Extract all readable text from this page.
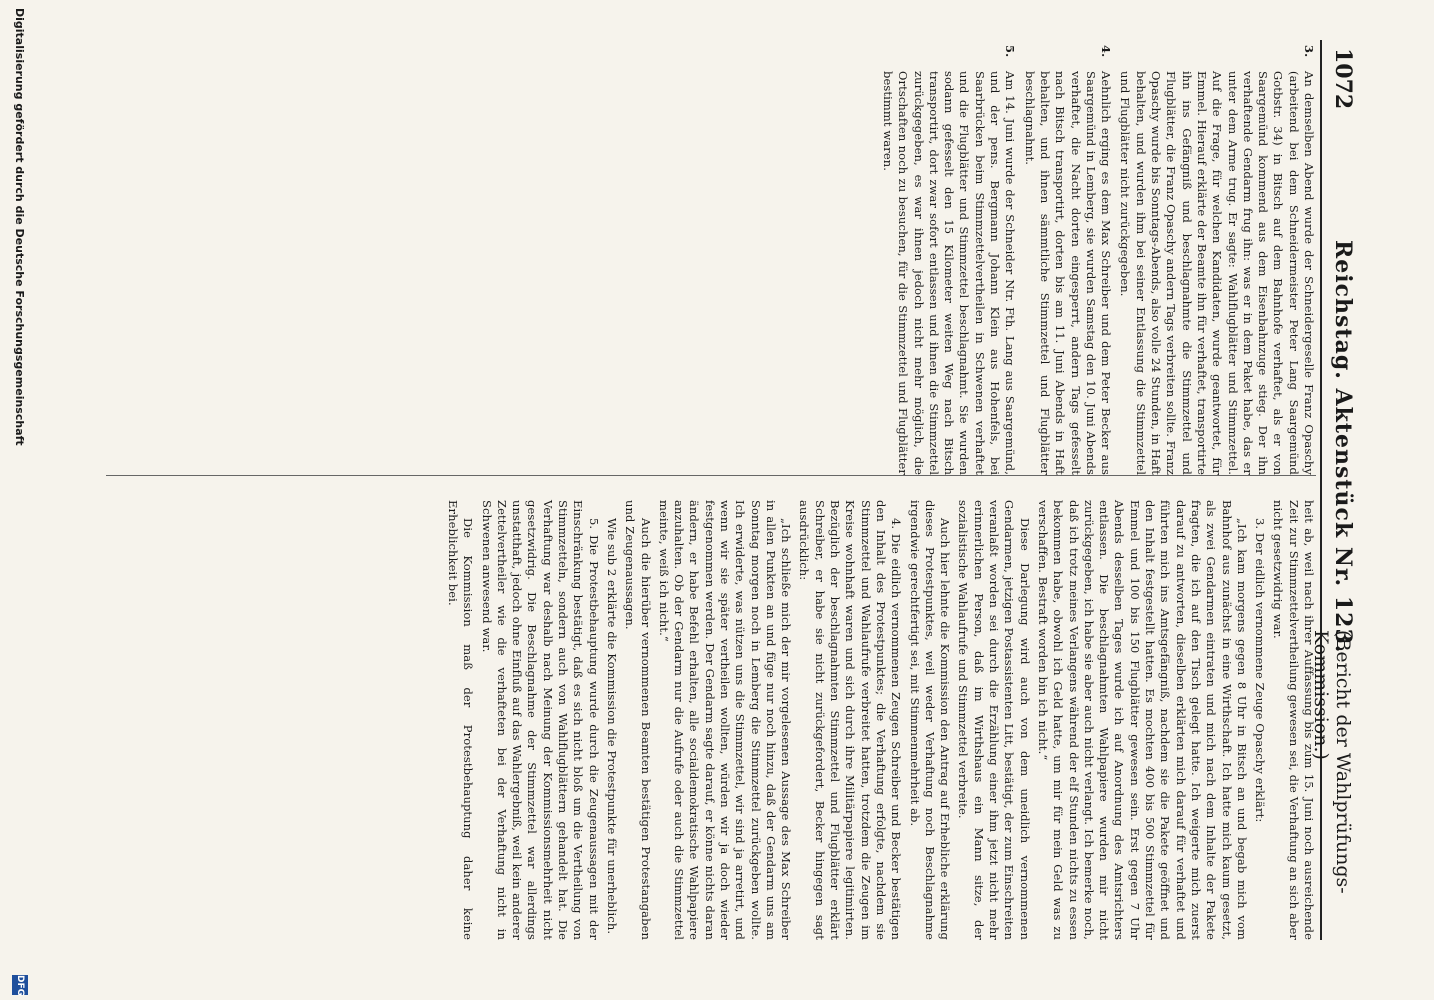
1072
Reichstag. Aktenstück Nr. 123.
(Bericht der Wahlprüfungs-Kommission.)
3.

An demselben Abend wurde der Schneidergeselle Franz Opaschy (arbeitend bei dem Schneidermeister Peter Lang Saargemünd Gotbstr. 34) in Bitsch auf dem Bahnhofe verhaftet, als er von Saargemünd kommend aus dem Eisenbahnzuge stieg. Der ihn verhaftende Gendarm frug ihn: was er in dem Paket habe, das er unter dem Arme trug. Er sagte: Wahlflugblätter und Stimmzettel. Auf die Frage, für welchen Kandidaten, wurde geantwortet, für Emmel. Hierauf erklärte der Beamte ihn für verhaftet, transportirte ihn ins Gefängniß und beschlagnahmte die Stimmzettel und Flugblätter, die Franz Opaschy andern Tags verbreiten sollte. Franz Opaschy wurde bis Sonntags-Abends, also volle 24 Stunden, in Haft behalten, und wurden ihm bei seiner Entlassung die Stimmzettel und Flugblätter nicht zurückgegeben.

4.

Aehnlich erging es dem Max Schreiber und dem Peter Becker aus Saargemünd in Lemberg, sie wurden Samstag den 10. Juni Abends verhaftet, die Nacht dorten eingesperrt, andern Tags gefesselt nach Bitsch transportirt, dorten bis am 11. Juni Abends in Haft behalten, und ihnen sämmtliche Stimmzettel und Flugblätter beschlagnahmt.

5.

Am 14. Juni wurde der Schneider Ntr. Fth. Lang aus Saargemünd, und der pens. Bergmann Johann Klein aus Hohenfels, bei Saarbrücken beim Stimmzettelvertheilen in Schwenen verhaftet und die Flugblätter und Stimmzettel beschlagnahmt. Sie wurden sodann gefesselt den 15 Kilometer weiten Weg nach Bitsch transportirt, dort zwar sofort entlassen und ihnen die Stimmzettel zurückgegeben, es war ihnen jedoch nicht mehr möglich, die Ortschaften noch zu besuchen, für die Stimmzettel und Flugblätter bestimmt waren.

heit ab, weil nach ihrer Auffassung bis zum 15. Juni noch ausreichende Zeit zur Stimmzettelvertheilung gewesen sei, die Verhaftung an sich aber nicht gesetzwidrig war.

3. Der eidlich vernommene Zeuge Opaschy erklärt:

„Ich kam morgens gegen 8 Uhr in Bitsch an und begab mich vom Bahnhof aus zunächst in eine Wirthschaft. Ich hatte mich kaum gesetzt, als zwei Gendarmen eintraten und mich nach dem Inhalte der Pakete fragten, die ich auf den Tisch gelegt hatte. Ich weigerte mich zuerst darauf zu antworten, dieselben erklärten mich darauf für verhaftet und führten mich ins Amtsgefängniß, nachdem sie die Pakete geöffnet und den Inhalt festgestellt hatten. Es mochten 400 bis 500 Stimmzettel für Emmel und 100 bis 150 Flugblätter gewesen sein. Erst gegen 7 Uhr Abends desselben Tages wurde ich auf Anordnung des Amtsrichters entlassen. Die beschlagnahmten Wahlpapiere wurden mir nicht zurückgegeben, ich habe sie aber auch nicht verlangt. Ich bemerke noch, daß ich trotz meines Verlangens während der elf Stunden nichts zu essen bekommen habe, obwohl ich Geld hatte, um mir für mein Geld was zu verschaffen. Bestraft worden bin ich nicht.“

Diese Darlegung wird auch von dem uneidlich vernommenen Gendarmen, jetzigen Postassistenten Litt, bestätigt, der zum Einschreiten veranlaßt worden sei durch die Erzählung einer ihm jetzt nicht mehr erinnerlichen Person, daß im Wirthshaus ein Mann sitze, der sozialistische Wahlaufrufe und Stimmzettel verbreite.

Auch hier lehnte die Kommission den Antrag auf Erhebliche erklärung dieses Protestpunktes, weil weder Verhaftung noch Beschlagnahme irgendwie gerechtfertigt sei, mit Stimmenmehrheit ab.

4. Die eidlich vernommenen Zeugen Schreiber und Becker bestätigen den Inhalt des Protestpunktes; die Verhaftung erfolgte, nachdem sie Stimmzettel und Wahlaufrufe verbreitet hatten, trotzdem die Zeugen im Kreise wohnhaft waren und sich durch ihre Militärpapiere legitimirten. Bezüglich der beschlagnahmten Stimmzettel und Flugblätter erklärt Schreiber, er habe sie nicht zurückgefordert, Becker hingegen sagt ausdrücklich:

„Ich schließe mich der mir vorgelesenen Aussage des Max Schreiber in allen Punkten an und füge nur noch hinzu, daß der Gendarm uns am Sonntag morgen noch in Lemberg die Stimmzettel zurückgeben wollte. Ich erwiderte, was nützen uns die Stimmzettel, wir sind ja arretirt, und wenn wir sie später vertheilen wollten, würden wir ja doch wieder festgenommen werden. Der Gendarm sagte darauf, er könne nichts daran ändern, er habe Befehl erhalten, alle socialdemokratische Wahlpapiere anzuhalten. Ob der Gendarm nur die Aufrufe oder auch die Stimmzettel meinte, weiß ich nicht.“

Auch die hierüber vernommenen Beamten bestätigen Protestangaben und Zeugenaussagen.

Wie sub 2 erklärte die Kommission die Protestpunkte für unerheblich.

5. Die Protestbehauptung wurde durch die Zeugenaussagen mit der Einschränkung bestätigt, daß es sich nicht bloß um die Vertheilung von Stimmzetteln, sondern auch von Wahlflugblättern gehandelt hat. Die Verhaftung war deshalb nach Meinung der Kommissionsmehrheit nicht gesetzwidrig. Die Beschlagnahme der Stimmzettel war allerdings unstatthaft, jedoch ohne Einfluß auf das Wahlergebniß, weil kein anderer Zettelvertheiler wie die verhafteten bei der Verhaftung nicht in Schwenen anwesend war.

Die Kommission maß der Protestbehauptung daher keine Erheblichkeit bei.

Digitalisierung gefördert durch die Deutsche Forschungsgemeinschaft
DFG
